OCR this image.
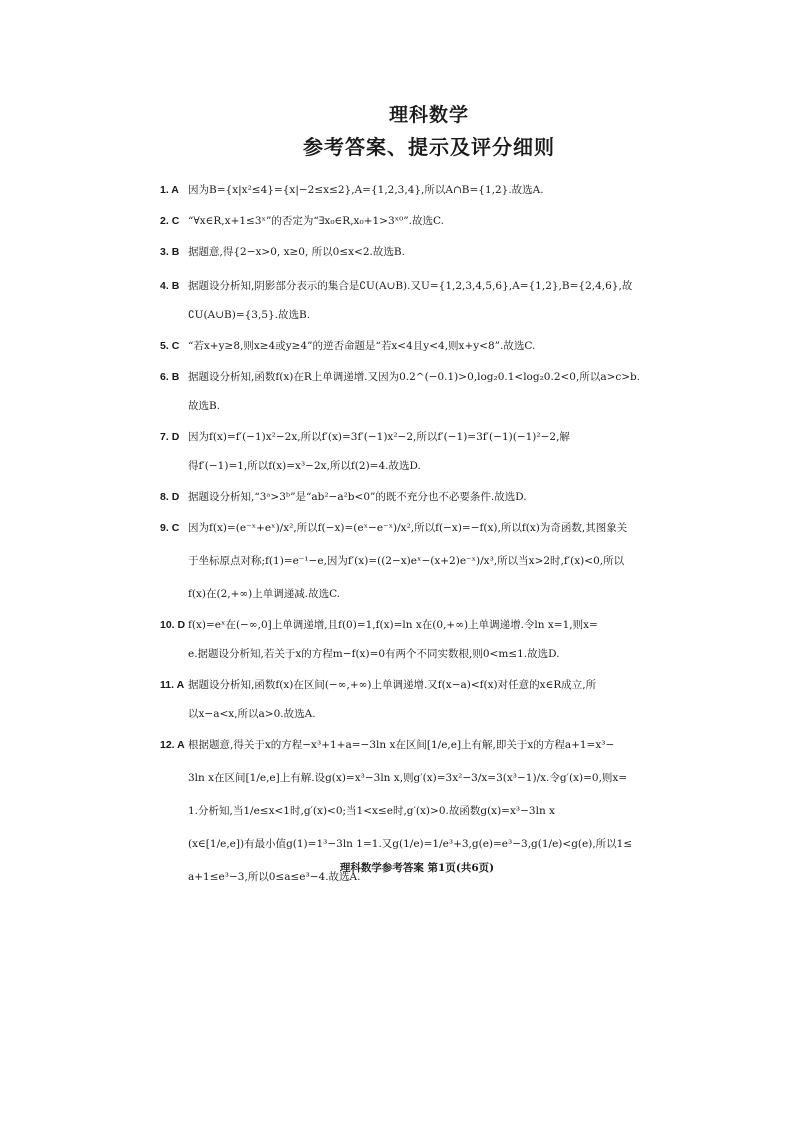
理科数学
参考答案、提示及评分细则
1. A 因为B={x|x²≤4}={x|−2≤x≤2},A={1,2,3,4},所以A∩B={1,2}.故选A.

2. C “∀x∈R,x+1≤3ˣ”的否定为“∃x₀∈R,x₀+1>3ˣ⁰”.故选C.

3. B 据题意,得{2−x>0, x≥0, 所以0≤x<2.故选B.

4. B 据题设分析知,阴影部分表示的集合是∁U(A∪B).又U={1,2,3,4,5,6},A={1,2},B={2,4,6},故

∁U(A∪B)={3,5}.故选B.

5. C “若x+y≥8,则x≥4或y≥4”的逆否命题是“若x<4且y<4,则x+y<8”.故选C.

6. B 据题设分析知,函数f(x)在R上单调递增.又因为0.2^(−0.1)>0,log₂0.1<log₂0.2<0,所以a>c>b.

故选B.

7. D 因为f(x)=f′(−1)x²−2x,所以f′(x)=3f′(−1)x²−2,所以f′(−1)=3f′(−1)(−1)²−2,解

得f′(−1)=1,所以f(x)=x³−2x,所以f(2)=4.故选D.

8. D 据题设分析知,“3ᵃ>3ᵇ”是“ab²−a²b<0”的既不充分也不必要条件.故选D.

9. C 因为f(x)=(e⁻ˣ+eˣ)/x²,所以f(−x)=(eˣ−e⁻ˣ)/x²,所以f(−x)=−f(x),所以f(x)为奇函数,其图象关

于坐标原点对称;f(1)=e⁻¹−e,因为f′(x)=((2−x)eˣ−(x+2)e⁻ˣ)/x³,所以当x>2时,f′(x)<0,所以

f(x)在(2,+∞)上单调递减.故选C.

10. D f(x)=eˣ在(−∞,0]上单调递增,且f(0)=1,f(x)=ln x在(0,+∞)上单调递增.令ln x=1,则x=

e.据题设分析知,若关于x的方程m−f(x)=0有两个不同实数根,则0<m≤1.故选D.

11. A 据题设分析知,函数f(x)在区间(−∞,+∞)上单调递增.又f(x−a)<f(x)对任意的x∈R成立,所

以x−a<x,所以a>0.故选A.

12. A 根据题意,得关于x的方程−x³+1+a=−3ln x在区间[1/e,e]上有解,即关于x的方程a+1=x³−

3ln x在区间[1/e,e]上有解.设g(x)=x³−3ln x,则g′(x)=3x²−3/x=3(x³−1)/x.令g′(x)=0,则x=

1.分析知,当1/e≤x<1时,g′(x)<0;当1<x≤e时,g′(x)>0.故函数g(x)=x³−3ln x

(x∈[1/e,e])有最小值g(1)=1³−3ln 1=1.又g(1/e)=1/e³+3,g(e)=e³−3,g(1/e)<g(e),所以1≤

a+1≤e³−3,所以0≤a≤e³−4.故选A.

理科数学参考答案 第1页(共6页)
